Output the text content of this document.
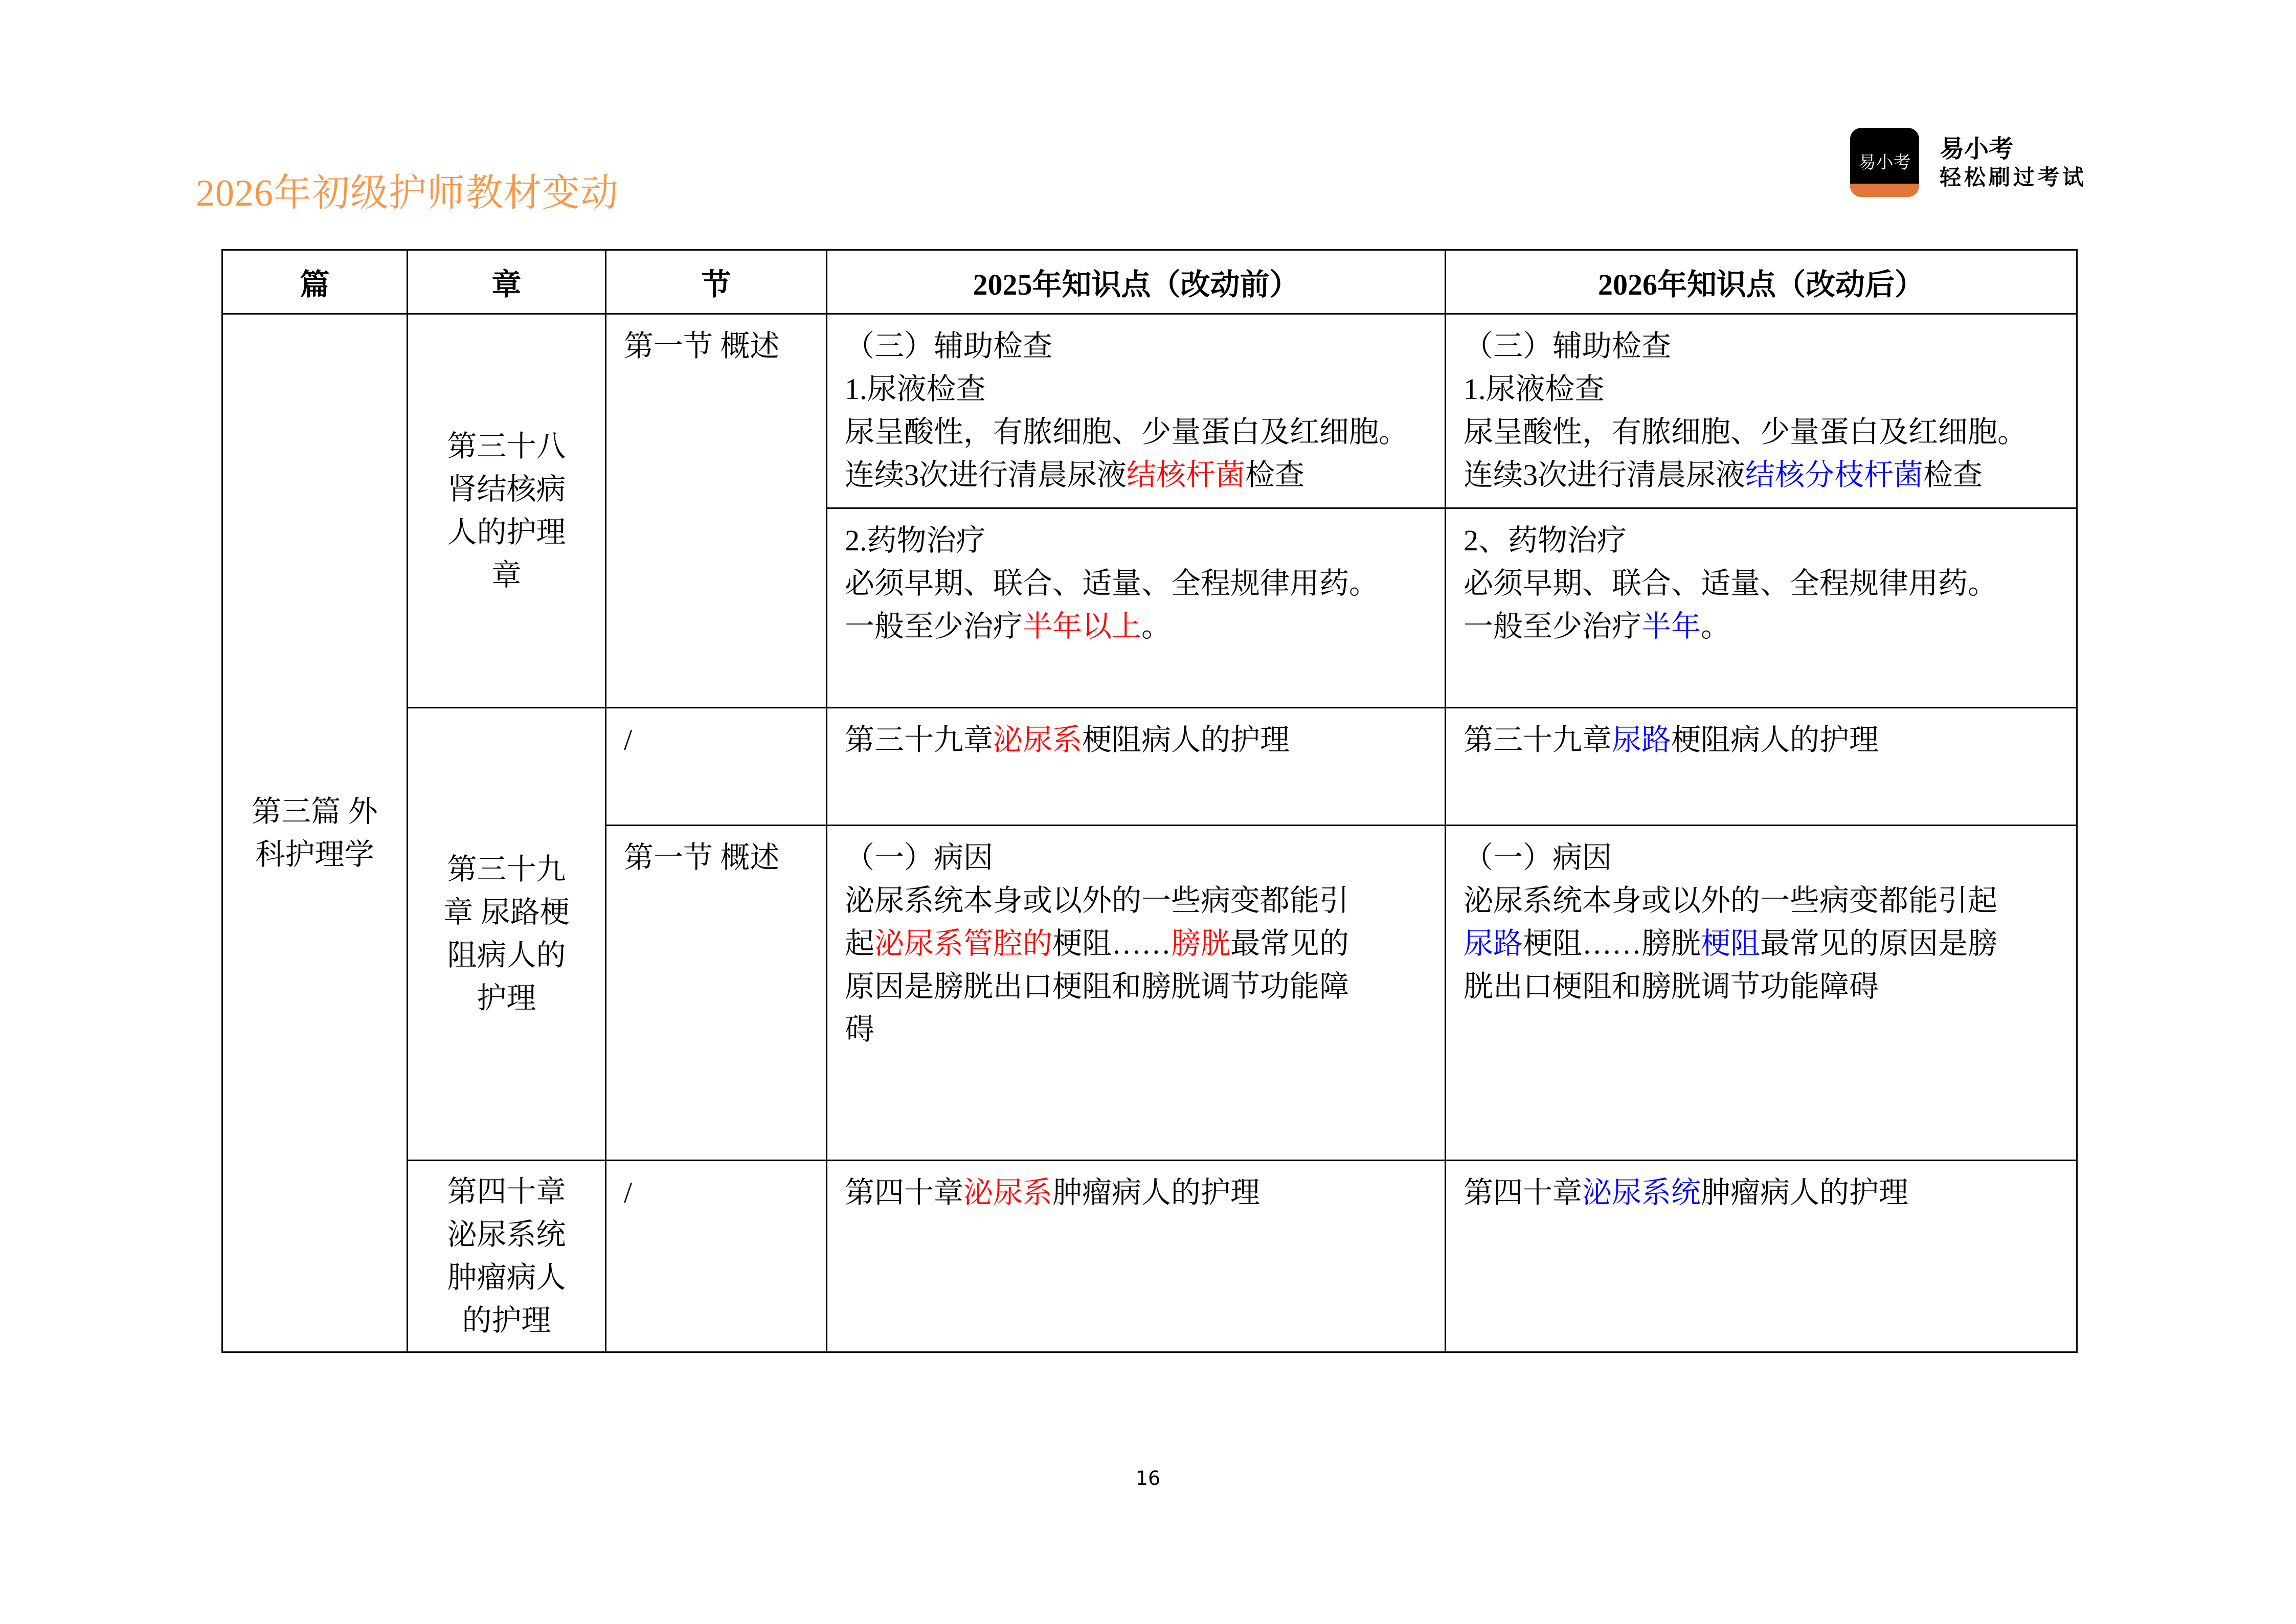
2026年初级护师教材变动
易小考	易小考
轻松刷过考试
篇	章	节	2025年知识点（改动前）	2026年知识点（改动后）

第三篇 外科护理学	第三十八肾结核病人的护理章	第一节 概述	（三）辅助检查
1.尿液检查
尿呈酸性，有脓细胞、少量蛋白及红细胞。
连续3次进行清晨尿液结核杆菌检查	（三）辅助检查
1.尿液检查
尿呈酸性，有脓细胞、少量蛋白及红细胞。
连续3次进行清晨尿液结核分枝杆菌检查

			2.药物治疗
必须早期、联合、适量、全程规律用药。
一般至少治疗半年以上。	2、药物治疗
必须早期、联合、适量、全程规律用药。
一般至少治疗半年。

	第三十九章 尿路梗阻病人的护理	/	第三十九章泌尿系梗阻病人的护理	第三十九章尿路梗阻病人的护理

		第一节 概述	（一）病因
泌尿系统本身或以外的一些病变都能引
起泌尿系管腔的梗阻……膀胱最常见的
原因是膀胱出口梗阻和膀胱调节功能障
碍	（一）病因
泌尿系统本身或以外的一些病变都能引起
尿路梗阻……膀胱梗阻最常见的原因是膀
胱出口梗阻和膀胱调节功能障碍

	第四十章泌尿系统肿瘤病人的护理	/	第四十章泌尿系肿瘤病人的护理	第四十章泌尿系统肿瘤病人的护理

16
